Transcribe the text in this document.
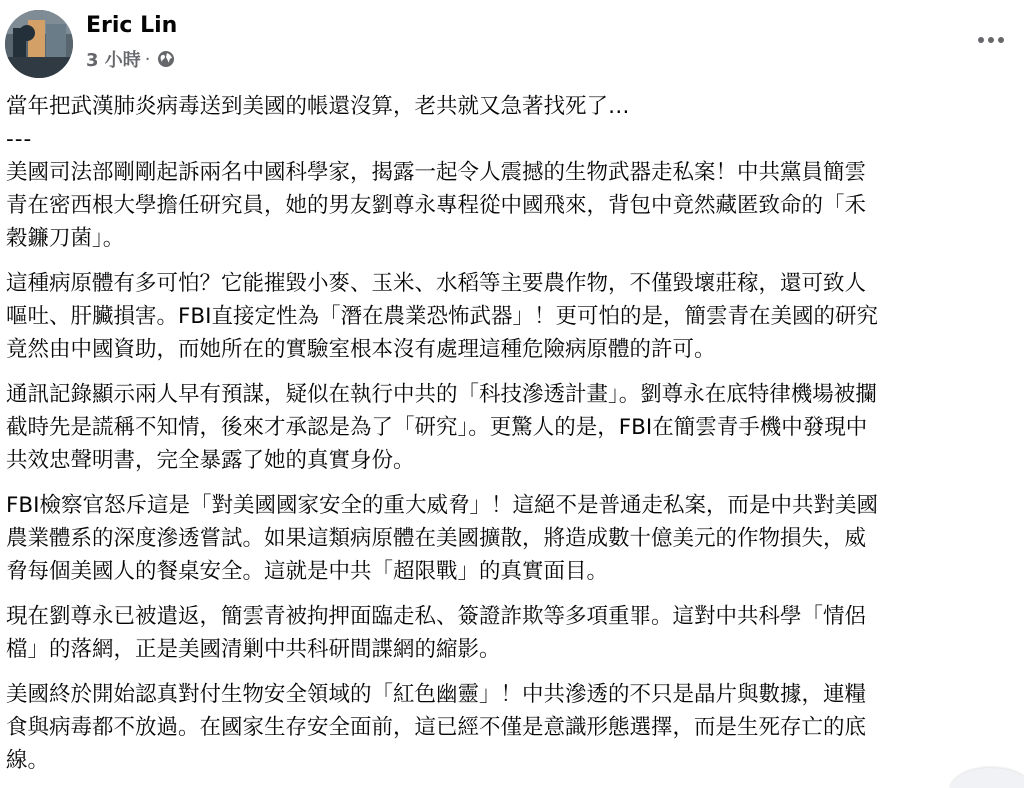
Eric Lin
3 小時 ·
當年把武漢肺炎病毒送到美國的帳還沒算，老共就又急著找死了…
---
美國司法部剛剛起訴兩名中國科學家，揭露一起令人震撼的生物武器走私案！中共黨員簡雲
青在密西根大學擔任研究員，她的男友劉尊永專程從中國飛來，背包中竟然藏匿致命的「禾
穀鐮刀菌」。
這種病原體有多可怕？它能摧毀小麥、玉米、水稻等主要農作物，不僅毀壞莊稼，還可致人
嘔吐、肝臟損害。FBI直接定性為「潛在農業恐怖武器」！更可怕的是，簡雲青在美國的研究
竟然由中國資助，而她所在的實驗室根本沒有處理這種危險病原體的許可。
通訊記錄顯示兩人早有預謀，疑似在執行中共的「科技滲透計畫」。劉尊永在底特律機場被攔
截時先是謊稱不知情，後來才承認是為了「研究」。更驚人的是，FBI在簡雲青手機中發現中
共效忠聲明書，完全暴露了她的真實身份。
FBI檢察官怒斥這是「對美國國家安全的重大威脅」！這絕不是普通走私案，而是中共對美國
農業體系的深度滲透嘗試。如果這類病原體在美國擴散，將造成數十億美元的作物損失，威
脅每個美國人的餐桌安全。這就是中共「超限戰」的真實面目。
現在劉尊永已被遣返，簡雲青被拘押面臨走私、簽證詐欺等多項重罪。這對中共科學「情侶
檔」的落網，正是美國清剿中共科研間諜網的縮影。
美國終於開始認真對付生物安全領域的「紅色幽靈」！中共滲透的不只是晶片與數據，連糧
食與病毒都不放過。在國家生存安全面前，這已經不僅是意識形態選擇，而是生死存亡的底
線。
